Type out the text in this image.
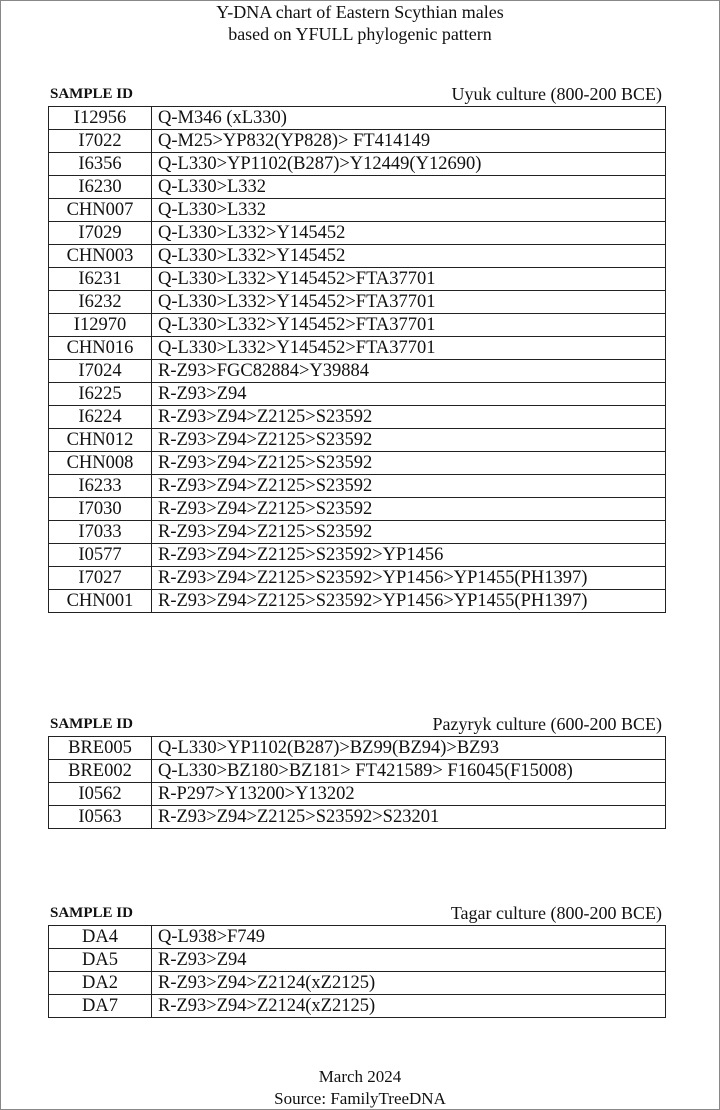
Y-DNA chart of Eastern Scythian males
based on YFULL phylogenic pattern
SAMPLE ID	Uyuk culture (800-200 BCE)
I12956	Q-M346 (xL330)
I7022	Q-M25>YP832(YP828)> FT414149
I6356	Q-L330>YP1102(B287)>Y12449(Y12690)
I6230	Q-L330>L332
CHN007	Q-L330>L332
I7029	Q-L330>L332>Y145452
CHN003	Q-L330>L332>Y145452
I6231	Q-L330>L332>Y145452>FTA37701
I6232	Q-L330>L332>Y145452>FTA37701
I12970	Q-L330>L332>Y145452>FTA37701
CHN016	Q-L330>L332>Y145452>FTA37701
I7024	R-Z93>FGC82884>Y39884
I6225	R-Z93>Z94
I6224	R-Z93>Z94>Z2125>S23592
CHN012	R-Z93>Z94>Z2125>S23592
CHN008	R-Z93>Z94>Z2125>S23592
I6233	R-Z93>Z94>Z2125>S23592
I7030	R-Z93>Z94>Z2125>S23592
I7033	R-Z93>Z94>Z2125>S23592
I0577	R-Z93>Z94>Z2125>S23592>YP1456
I7027	R-Z93>Z94>Z2125>S23592>YP1456>YP1455(PH1397)
CHN001	R-Z93>Z94>Z2125>S23592>YP1456>YP1455(PH1397)
SAMPLE ID	Pazyryk culture (600-200 BCE)
BRE005	Q-L330>YP1102(B287)>BZ99(BZ94)>BZ93
BRE002	Q-L330>BZ180>BZ181> FT421589> F16045(F15008)
I0562	R-P297>Y13200>Y13202
I0563	R-Z93>Z94>Z2125>S23592>S23201
SAMPLE ID	Tagar culture (800-200 BCE)
DA4	Q-L938>F749
DA5	R-Z93>Z94
DA2	R-Z93>Z94>Z2124(xZ2125)
DA7	R-Z93>Z94>Z2124(xZ2125)
March 2024
Source: FamilyTreeDNA
